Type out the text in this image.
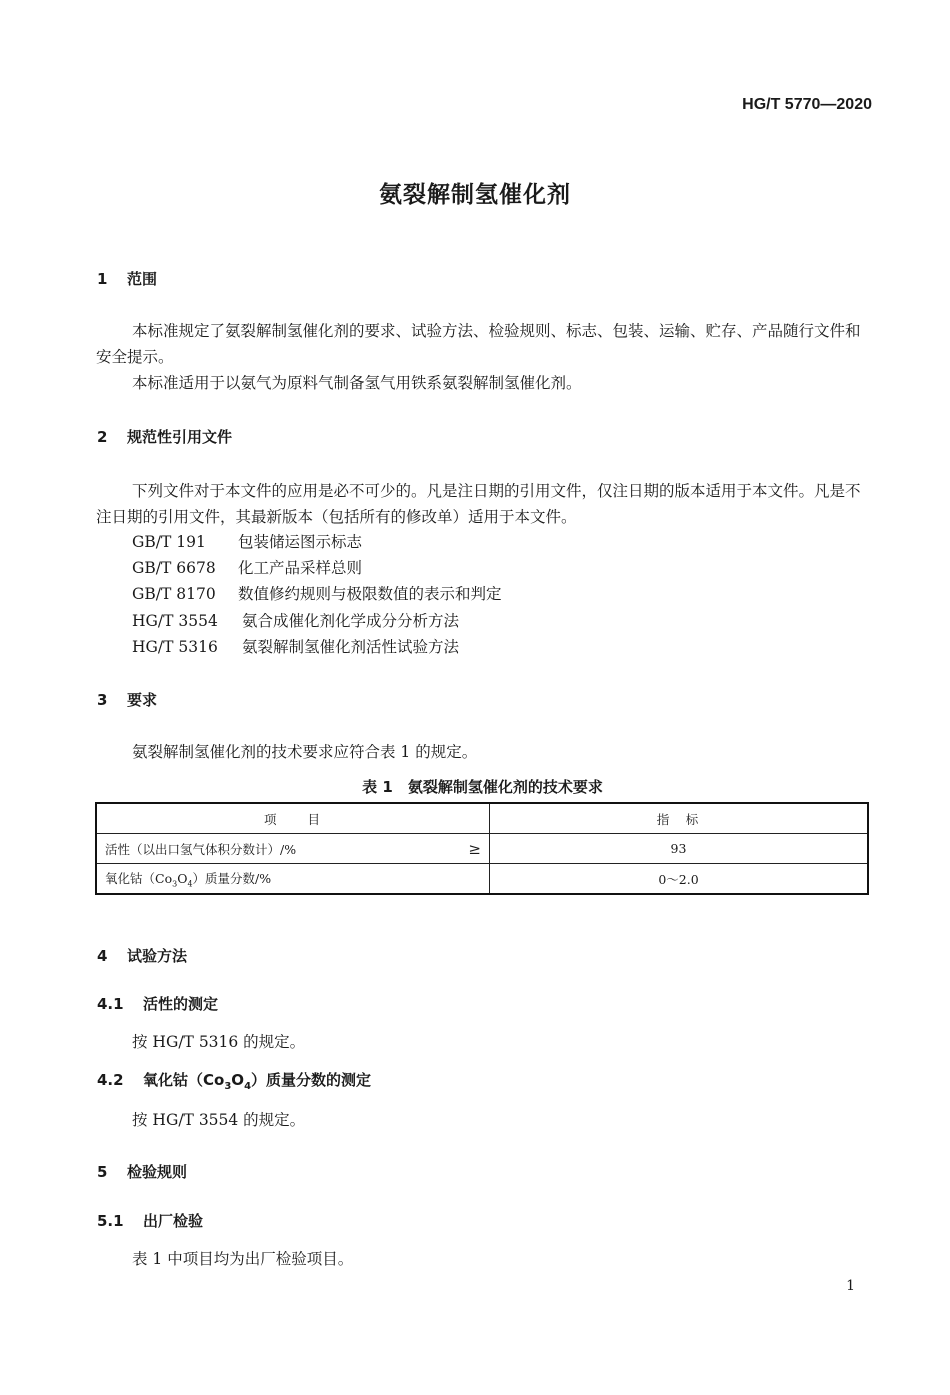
HG/T 5770—2020
氨裂解制氢催化剂
1 范围
本标准规定了氨裂解制氢催化剂的要求、试验方法、检验规则、标志、包装、运输、贮存、产品随行文件和安全提示。
本标准适用于以氨气为原料气制备氢气用铁系氨裂解制氢催化剂。
2 规范性引用文件
下列文件对于本文件的应用是必不可少的。凡是注日期的引用文件，仅注日期的版本适用于本文件。凡是不注日期的引用文件，其最新版本（包括所有的修改单）适用于本文件。
GB/T 191 包装储运图示标志
GB/T 6678 化工产品采样总则
GB/T 8170 数值修约规则与极限数值的表示和判定
HG/T 3554 氨合成催化剂化学成分分析方法
HG/T 5316 氨裂解制氢催化剂活性试验方法
3 要求
氨裂解制氢催化剂的技术要求应符合表 1 的规定。
表 1　氨裂解制氢催化剂的技术要求
项　　目	指　标
活性（以出口氢气体积分数计）/% ≥	93
氧化钴$(Co_3O_4)$质量分数/%	0～2.0
4 试验方法
4.1 活性的测定
按 HG/T 5316 的规定。
4.2 氧化钴$(Co_3O_4)$质量分数的测定
按 HG/T 3554 的规定。
5 检验规则
5.1 出厂检验
表 1 中项目均为出厂检验项目。
1
